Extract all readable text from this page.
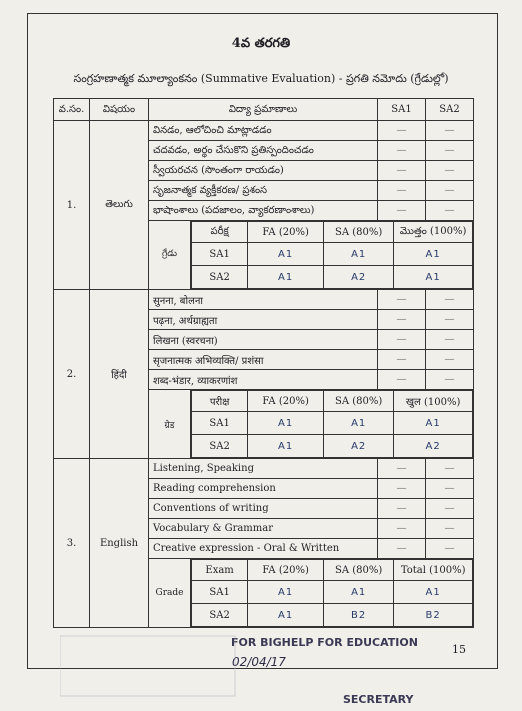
4వ తరగతి
సంగ్రహణాత్మక మూల్యాంకనం (Summative Evaluation) - ప్రగతి నమోదు (గ్రేడుల్లో)
వ.సం.	విషయం	విద్యా ప్రమాణాలు	SA1	SA2
1.	తెలుగు	వినడం, ఆలోచించి మాట్లాడడం	—	—
చదవడం, అర్థం చేసుకొని ప్రతిస్పందించడం	—	—
స్వీయరచన (సొంతంగా రాయడం)	—	—
సృజనాత్మక వ్యక్తీకరణ/ ప్రశంస	—	—
భాషాంశాలు (పదజాలం, వ్యాకరణాంశాలు)	—	—
గ్రేడు	
పరీక్ష	FA (20%)	SA (80%)	మొత్తం (100%)
SA1	A1	A1	A1
SA2	A1	A2	A1

2.	हिंदी	सुनना, बोलना	—	—
पढ़ना, अर्थग्राह्यता	—	—
लिखना (स्वरचना)	—	—
सृजनात्मक अभिव्यक्ति/ प्रशंसा	—	—
शब्द-भंडार, व्याकरणांश	—	—
ग्रेड	
परीक्ष	FA (20%)	SA (80%)	खुल (100%)
SA1	A1	A1	A1
SA2	A1	A2	A2

3.	English	Listening, Speaking	—	—
Reading comprehension	—	—
Conventions of writing	—	—
Vocabulary & Grammar	—	—
Creative expression - Oral & Written	—	—
Grade	
Exam	FA (20%)	SA (80%)	Total (100%)
SA1	A1	A1	A1
SA2	A1	B2	B2

FOR BIGHELP FOR EDUCATION
02/04/17
15
SECRETARY
